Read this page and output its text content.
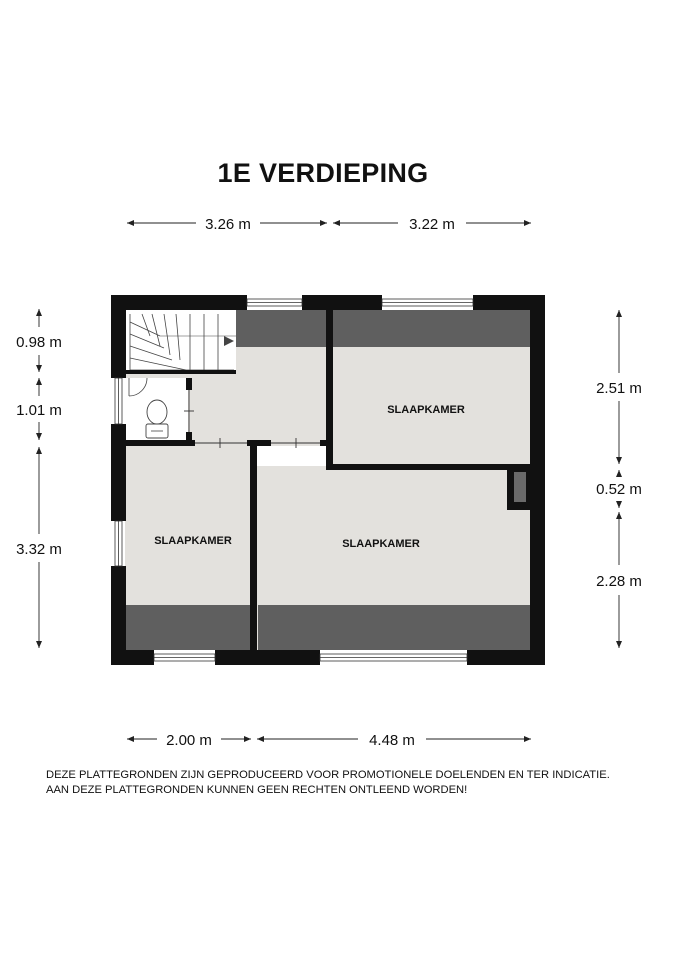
1E VERDIEPING
SLAAPKAMER
SLAAPKAMER	SLAAPKAMER
3.26 m	3.22 m
2.00 m	4.48 m
0.98 m
1.01 m
3.32 m
2.51 m
0.52 m
2.28 m
DEZE PLATTEGRONDEN ZIJN GEPRODUCEERD VOOR PROMOTIONELE DOELENDEN EN TER INDICATIE.
AAN DEZE PLATTEGRONDEN KUNNEN GEEN RECHTEN ONTLEEND WORDEN!
